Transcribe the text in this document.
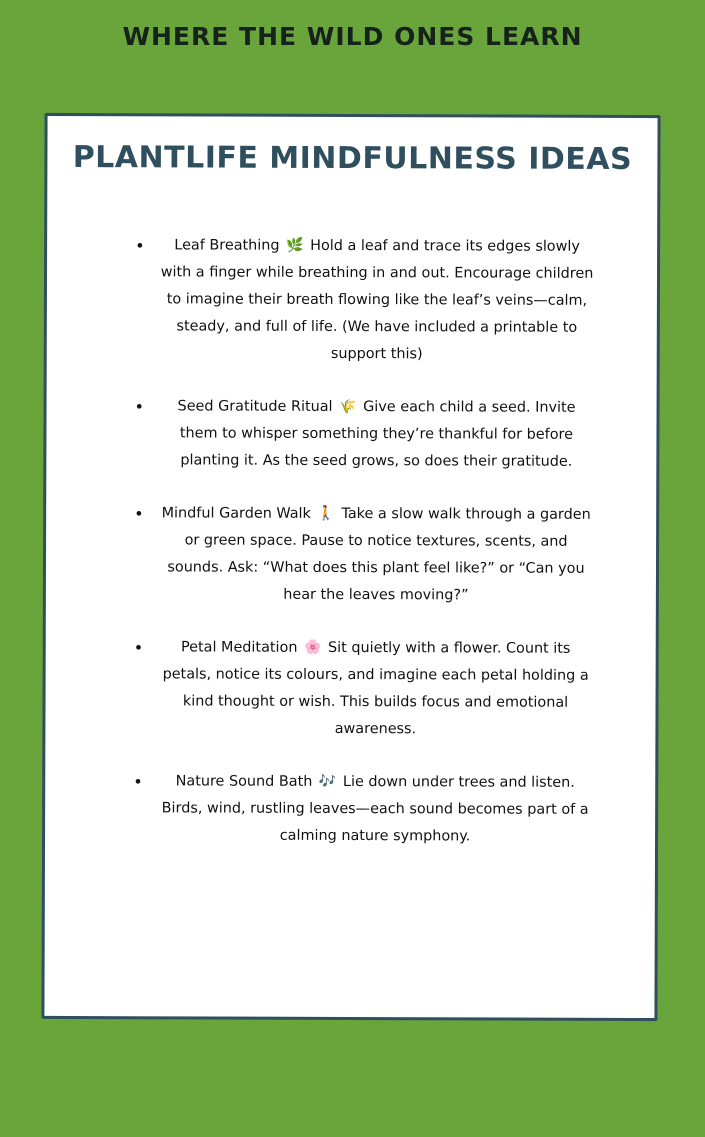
WHERE THE WILD ONES LEARN
PLANTLIFE MINDFULNESS IDEAS
• Leaf Breathing 🌿 Hold a leaf and trace its edges slowly with a finger while breathing in and out. Encourage children to imagine their breath flowing like the leaf’s veins—calm, steady, and full of life. (We have included a printable to support this)
• Seed Gratitude Ritual 🌾 Give each child a seed. Invite them to whisper something they’re thankful for before planting it. As the seed grows, so does their gratitude.
• Mindful Garden Walk 🚶 Take a slow walk through a garden or green space. Pause to notice textures, scents, and sounds. Ask: “What does this plant feel like?” or “Can you hear the leaves moving?”
•	Petal Meditation 🌸 Sit quietly with a flower. Count its petals, notice its colours, and imagine each petal holding a kind thought or wish. This builds focus and emotional awareness.
• Nature Sound Bath 🎶 Lie down under trees and listen. Birds, wind, rustling leaves—each sound becomes part of a calming nature symphony.
